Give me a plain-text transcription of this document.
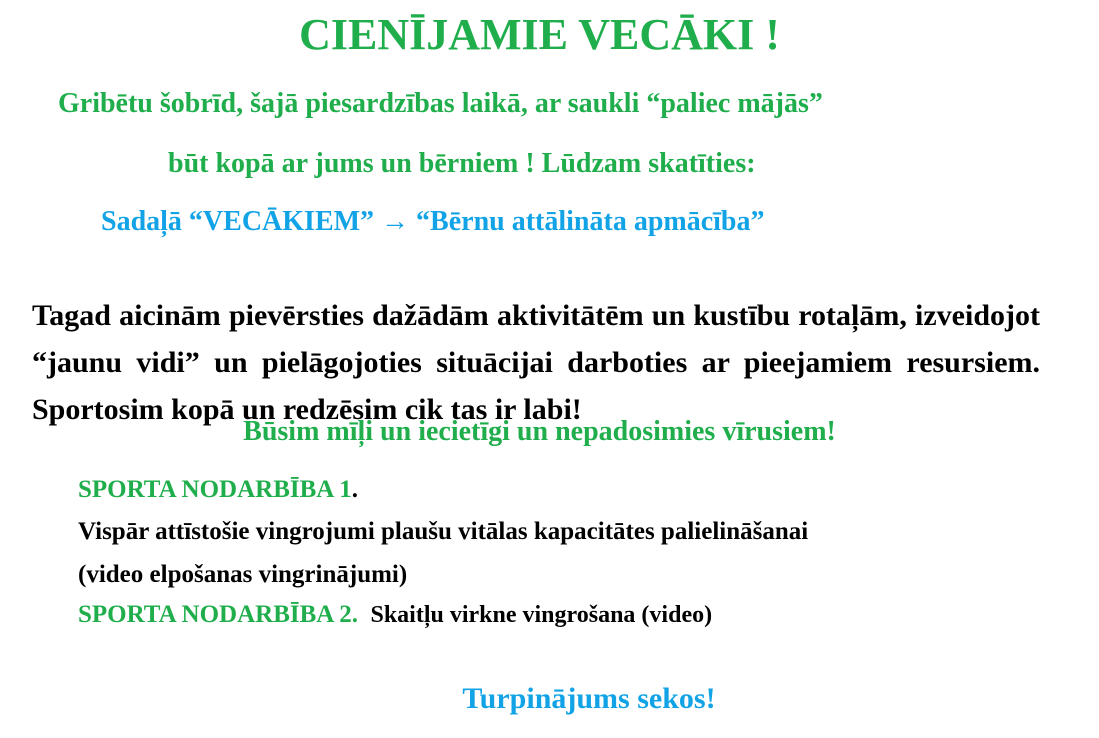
CIENĪJAMIE VECĀKI !

Gribētu šobrīd, šajā piesardzības laikā, ar saukli “paliec mājās”

būt kopā ar jums un bērniem ! Lūdzam skatīties:

Sadaļā “VECĀKIEM” → “Bērnu attālināta apmācība”

Tagad aicinām pievērsties dažādām aktivitātēm un kustību rotaļām, izveidojot “jaunu vidi” un pielāgojoties situācijai darboties ar pieejamiem resursiem. Sportosim kopā un redzēsim cik tas ir labi!

Būsim mīļi un iecietīgi un nepadosimies vīrusiem!

SPORTA NODARBĪBA 1.

Vispār attīstošie vingrojumi plaušu vitālas kapacitātes palielināšanai

(video elpošanas vingrinājumi)

SPORTA NODARBĪBA 2. Skaitļu virkne vingrošana (video)

Turpinājums sekos!
